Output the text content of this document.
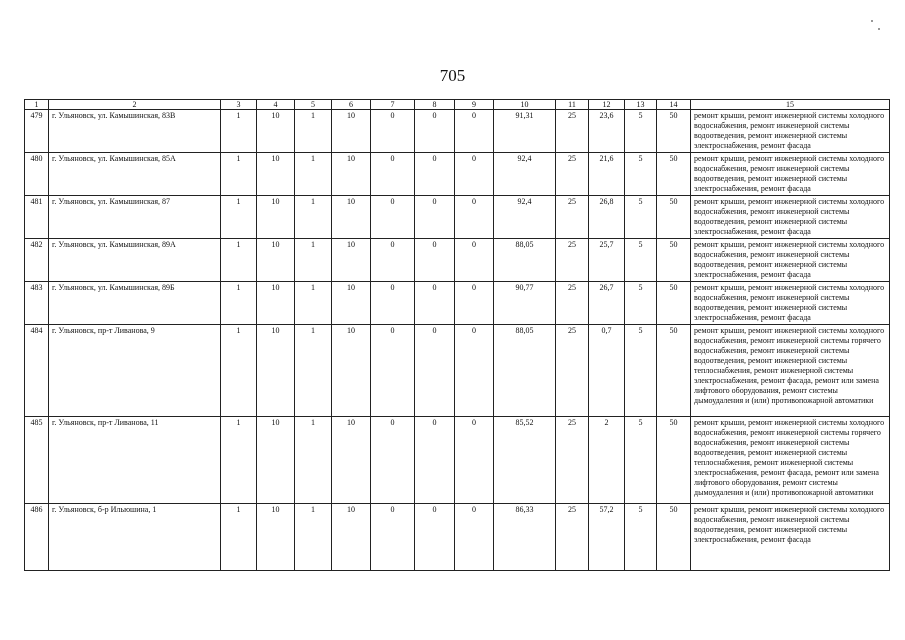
705
1	2	3	4	5	6	7	8	9	10	11	12	13	14	15
479	г. Ульяновск, ул. Камышинская, 83В	1	10	1	10	0	0	0	91,31	25	23,6	5	50	ремонт крыши, ремонт инженерной системы холодного водоснабжения, ремонт инженерной системы водоотведения, ремонт инженерной системы электроснабжения, ремонт фасада
480	г. Ульяновск, ул. Камышинская, 85А	1	10	1	10	0	0	0	92,4	25	21,6	5	50	ремонт крыши, ремонт инженерной системы холодного водоснабжения, ремонт инженерной системы водоотведения, ремонт инженерной системы электроснабжения, ремонт фасада
481	г. Ульяновск, ул. Камышинская, 87	1	10	1	10	0	0	0	92,4	25	26,8	5	50	ремонт крыши, ремонт инженерной системы холодного водоснабжения, ремонт инженерной системы водоотведения, ремонт инженерной системы электроснабжения, ремонт фасада
482	г. Ульяновск, ул. Камышинская, 89А	1	10	1	10	0	0	0	88,05	25	25,7	5	50	ремонт крыши, ремонт инженерной системы холодного водоснабжения, ремонт инженерной системы водоотведения, ремонт инженерной системы электроснабжения, ремонт фасада
483	г. Ульяновск, ул. Камышинская, 89Б	1	10	1	10	0	0	0	90,77	25	26,7	5	50	ремонт крыши, ремонт инженерной системы холодного водоснабжения, ремонт инженерной системы водоотведения, ремонт инженерной системы электроснабжения, ремонт фасада
484	г. Ульяновск, пр-т Ливанова, 9	1	10	1	10	0	0	0	88,05	25	0,7	5	50	ремонт крыши, ремонт инженерной системы холодного водоснабжения, ремонт инженерной системы горячего водоснабжения, ремонт инженерной системы водоотведения, ремонт инженерной системы теплоснабжения, ремонт инженерной системы электроснабжения, ремонт фасада, ремонт или замена лифтового оборудования, ремонт системы дымоудаления и (или) противопожарной автоматики
485	г. Ульяновск, пр-т Ливанова, 11	1	10	1	10	0	0	0	85,52	25	2	5	50	ремонт крыши, ремонт инженерной системы холодного водоснабжения, ремонт инженерной системы горячего водоснабжения, ремонт инженерной системы водоотведения, ремонт инженерной системы теплоснабжения, ремонт инженерной системы электроснабжения, ремонт фасада, ремонт или замена лифтового оборудования, ремонт системы дымоудаления и (или) противопожарной автоматики
486	г. Ульяновск, б-р Ильюшина, 1	1	10	1	10	0	0	0	86,33	25	57,2	5	50	ремонт крыши, ремонт инженерной системы холодного водоснабжения, ремонт инженерной системы водоотведения, ремонт инженерной системы электроснабжения, ремонт фасада
